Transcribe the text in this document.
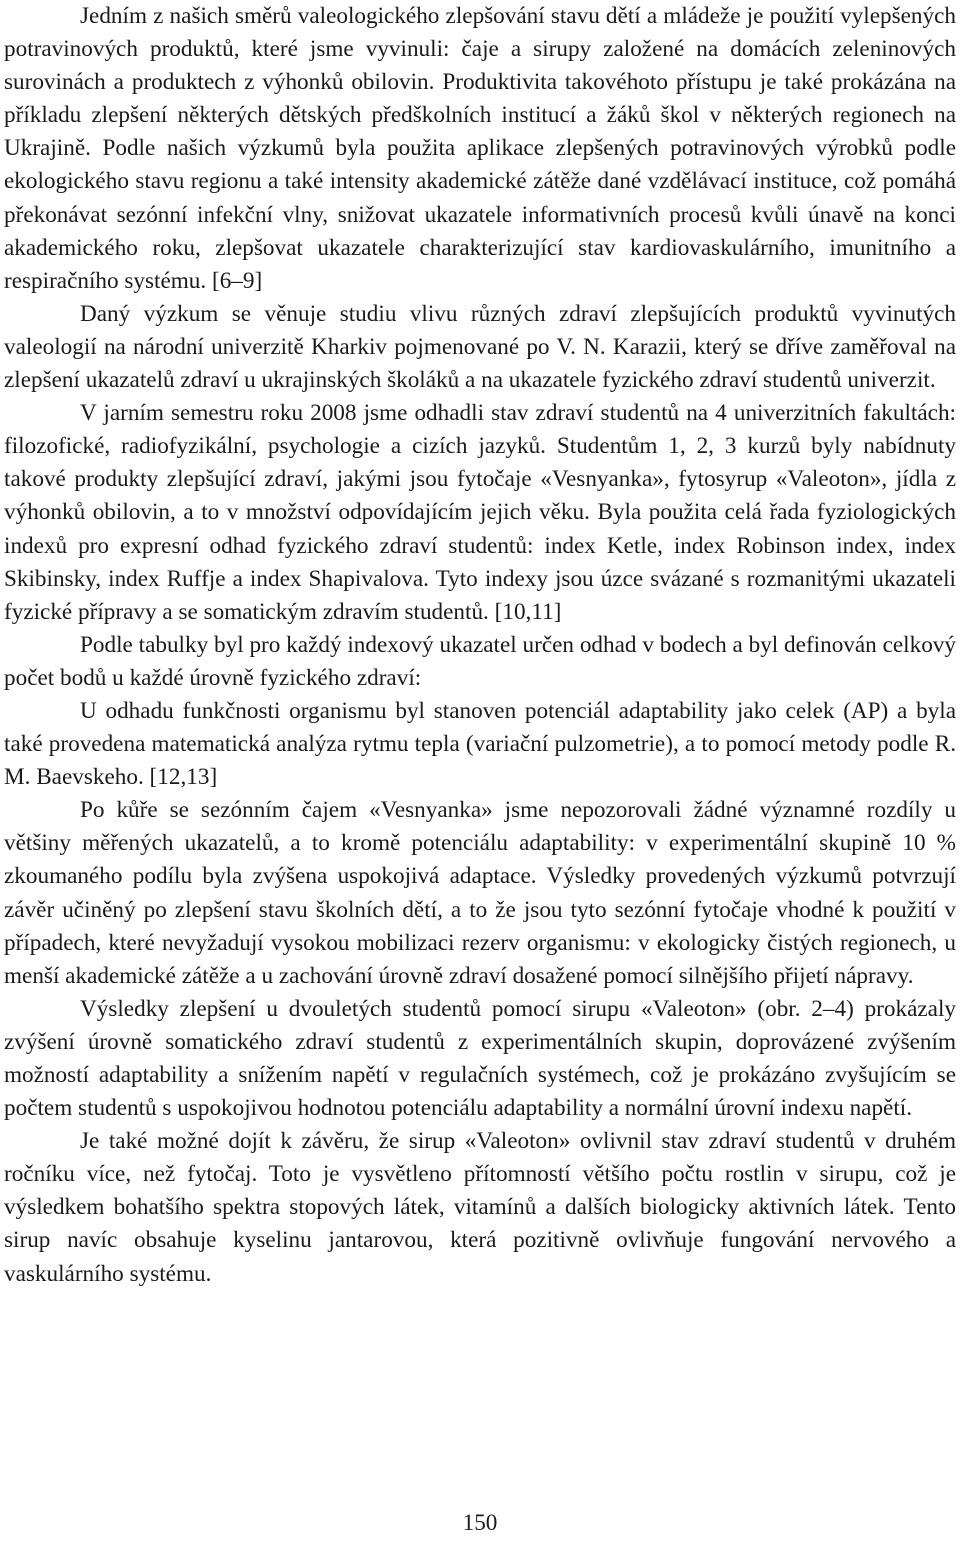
Jedním z našich směrů valeologického zlepšování stavu dětí a mládeže je použití vylepšených potravinových produktů, které jsme vyvinuli: čaje a sirupy založené na domácích zeleninových surovinách a produktech z výhonků obilovin. Produktivita takovéhoto přístupu je také prokázána na příkladu zlepšení některých dětských předškolních institucí a žáků škol v některých regionech na Ukrajině. Podle našich výzkumů byla použita aplikace zlepšených potravinových výrobků podle ekologického stavu regionu a také intensity akademické zátěže dané vzdělávací instituce, což pomáhá překonávat sezónní infekční vlny, snižovat ukazatele informativních procesů kvůli únavě na konci akademického roku, zlepšovat ukazatele charakterizující stav kardiovaskulárního, imunitního a respiračního systému. [6–9]

Daný výzkum se věnuje studiu vlivu různých zdraví zlepšujících produktů vyvinutých valeologií na národní univerzitě Kharkiv pojmenované po V. N. Karazii, který se dříve zaměřoval na zlepšení ukazatelů zdraví u ukrajinských školáků a na ukazatele fyzického zdraví studentů univerzit.

V jarním semestru roku 2008 jsme odhadli stav zdraví studentů na 4 univerzitních fakultách: filozofické, radiofyzikální, psychologie a cizích jazyků. Studentům 1, 2, 3 kurzů byly nabídnuty takové produkty zlepšující zdraví, jakými jsou fytočaje «Vesnyanka», fytosyrup «Valeoton», jídla z výhonků obilovin, a to v množství odpovídajícím jejich věku. Byla použita celá řada fyziologických indexů pro expresní odhad fyzického zdraví studentů: index Ketle, index Robinson index, index Skibinsky, index Ruffje a index Shapivalova. Tyto indexy jsou úzce svázané s rozmanitými ukazateli fyzické přípravy a se somatickým zdravím studentů. [10,11]

Podle tabulky byl pro každý indexový ukazatel určen odhad v bodech a byl definován celkový počet bodů u každé úrovně fyzického zdraví:

U odhadu funkčnosti organismu byl stanoven potenciál adaptability jako celek (AP) a byla také provedena matematická analýza rytmu tepla (variační pulzometrie), a to pomocí metody podle R. M. Baevskeho. [12,13]

Po kůře se sezónním čajem «Vesnyanka» jsme nepozorovali žádné významné rozdíly u většiny měřených ukazatelů, a to kromě potenciálu adaptability: v experimentální skupině 10 % zkoumaného podílu byla zvýšena uspokojivá adaptace. Výsledky provedených výzkumů potvrzují závěr učiněný po zlepšení stavu školních dětí, a to že jsou tyto sezónní fytočaje vhodné k použití v případech, které nevyžadují vysokou mobilizaci rezerv organismu: v ekologicky čistých regionech, u menší akademické zátěže a u zachování úrovně zdraví dosažené pomocí silnějšího přijetí nápravy.

Výsledky zlepšení u dvouletých studentů pomocí sirupu «Valeoton» (obr. 2–4) prokázaly zvýšení úrovně somatického zdraví studentů z experimentálních skupin, doprovázené zvýšením možností adaptability a snížením napětí v regulačních systémech, což je prokázáno zvyšujícím se počtem studentů s uspokojivou hodnotou potenciálu adaptability a normální úrovní indexu napětí.

Je také možné dojít k závěru, že sirup «Valeoton» ovlivnil stav zdraví studentů v druhém ročníku více, než fytočaj. Toto je vysvětleno přítomností většího počtu rostlin v sirupu, což je výsledkem bohatšího spektra stopových látek, vitamínů a dalších biologicky aktivních látek. Tento sirup navíc obsahuje kyselinu jantarovou, která pozitivně ovlivňuje fungování nervového a vaskulárního systému.

150
